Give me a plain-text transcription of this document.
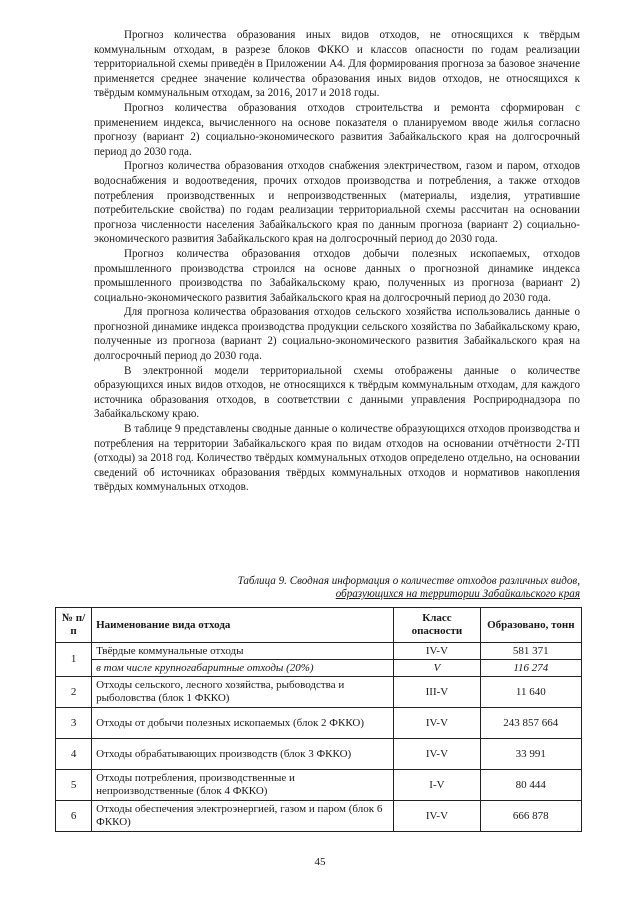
Прогноз количества образования иных видов отходов, не относящихся к твёрдым коммунальным отходам, в разрезе блоков ФККО и классов опасности по годам реализации территориальной схемы приведён в Приложении А4. Для формирования прогноза за базовое значение применяется среднее значение количества образования иных видов отходов, не относящихся к твёрдым коммунальным отходам, за 2016, 2017 и 2018 годы.

Прогноз количества образования отходов строительства и ремонта сформирован с применением индекса, вычисленного на основе показателя о планируемом вводе жилья согласно прогнозу (вариант 2) социально-экономического развития Забайкальского края на долгосрочный период до 2030 года.

Прогноз количества образования отходов снабжения электричеством, газом и паром, отходов водоснабжения и водоотведения, прочих отходов производства и потребления, а также отходов потребления производственных и непроизводственных (материалы, изделия, утратившие потребительские свойства) по годам реализации территориальной схемы рассчитан на основании прогноза численности населения Забайкальского края по данным прогноза (вариант 2) социально-экономического развития Забайкальского края на долгосрочный период до 2030 года.

Прогноз количества образования отходов добычи полезных ископаемых, отходов промышленного производства строился на основе данных о прогнозной динамике индекса промышленного производства по Забайкальскому краю, полученных из прогноза (вариант 2) социально-экономического развития Забайкальского края на долгосрочный период до 2030 года.

Для прогноза количества образования отходов сельского хозяйства использовались данные о прогнозной динамике индекса производства продукции сельского хозяйства по Забайкальскому краю, полученные из прогноза (вариант 2) социально-экономического развития Забайкальского края на долгосрочный период до 2030 года.

В электронной модели территориальной схемы отображены данные о количестве образующихся иных видов отходов, не относящихся к твёрдым коммунальным отходам, для каждого источника образования отходов, в соответствии с данными управления Росприроднадзора по Забайкальскому краю.

В таблице 9 представлены сводные данные о количестве образующихся отходов производства и потребления на территории Забайкальского края по видам отходов на основании отчётности 2-ТП (отходы) за 2018 год. Количество твёрдых коммунальных отходов определено отдельно, на основании сведений об источниках образования твёрдых коммунальных отходов и нормативов накопления твёрдых коммунальных отходов.

Таблица 9. Сводная информация о количестве отходов различных видов,
образующихся на территории Забайкальского края
№ п/п	Наименование вида отхода	Класс опасности	Образовано, тонн
1	Твёрдые коммунальные отходы	IV-V	581 371
	в том числе крупногабаритные отходы (20%)	V	116 274
2	Отходы сельского, лесного хозяйства, рыбоводства и рыболовства (блок 1 ФККО)	III-V	11 640
3	Отходы от добычи полезных ископаемых (блок 2 ФККО)	IV-V	243 857 664
4	Отходы обрабатывающих производств (блок 3 ФККО)	IV-V	33 991
5	Отходы потребления, производственные и непроизводственные (блок 4 ФККО)	I-V	80 444
6	Отходы обеспечения электроэнергией, газом и паром (блок 6 ФККО)	IV-V	666 878
45
